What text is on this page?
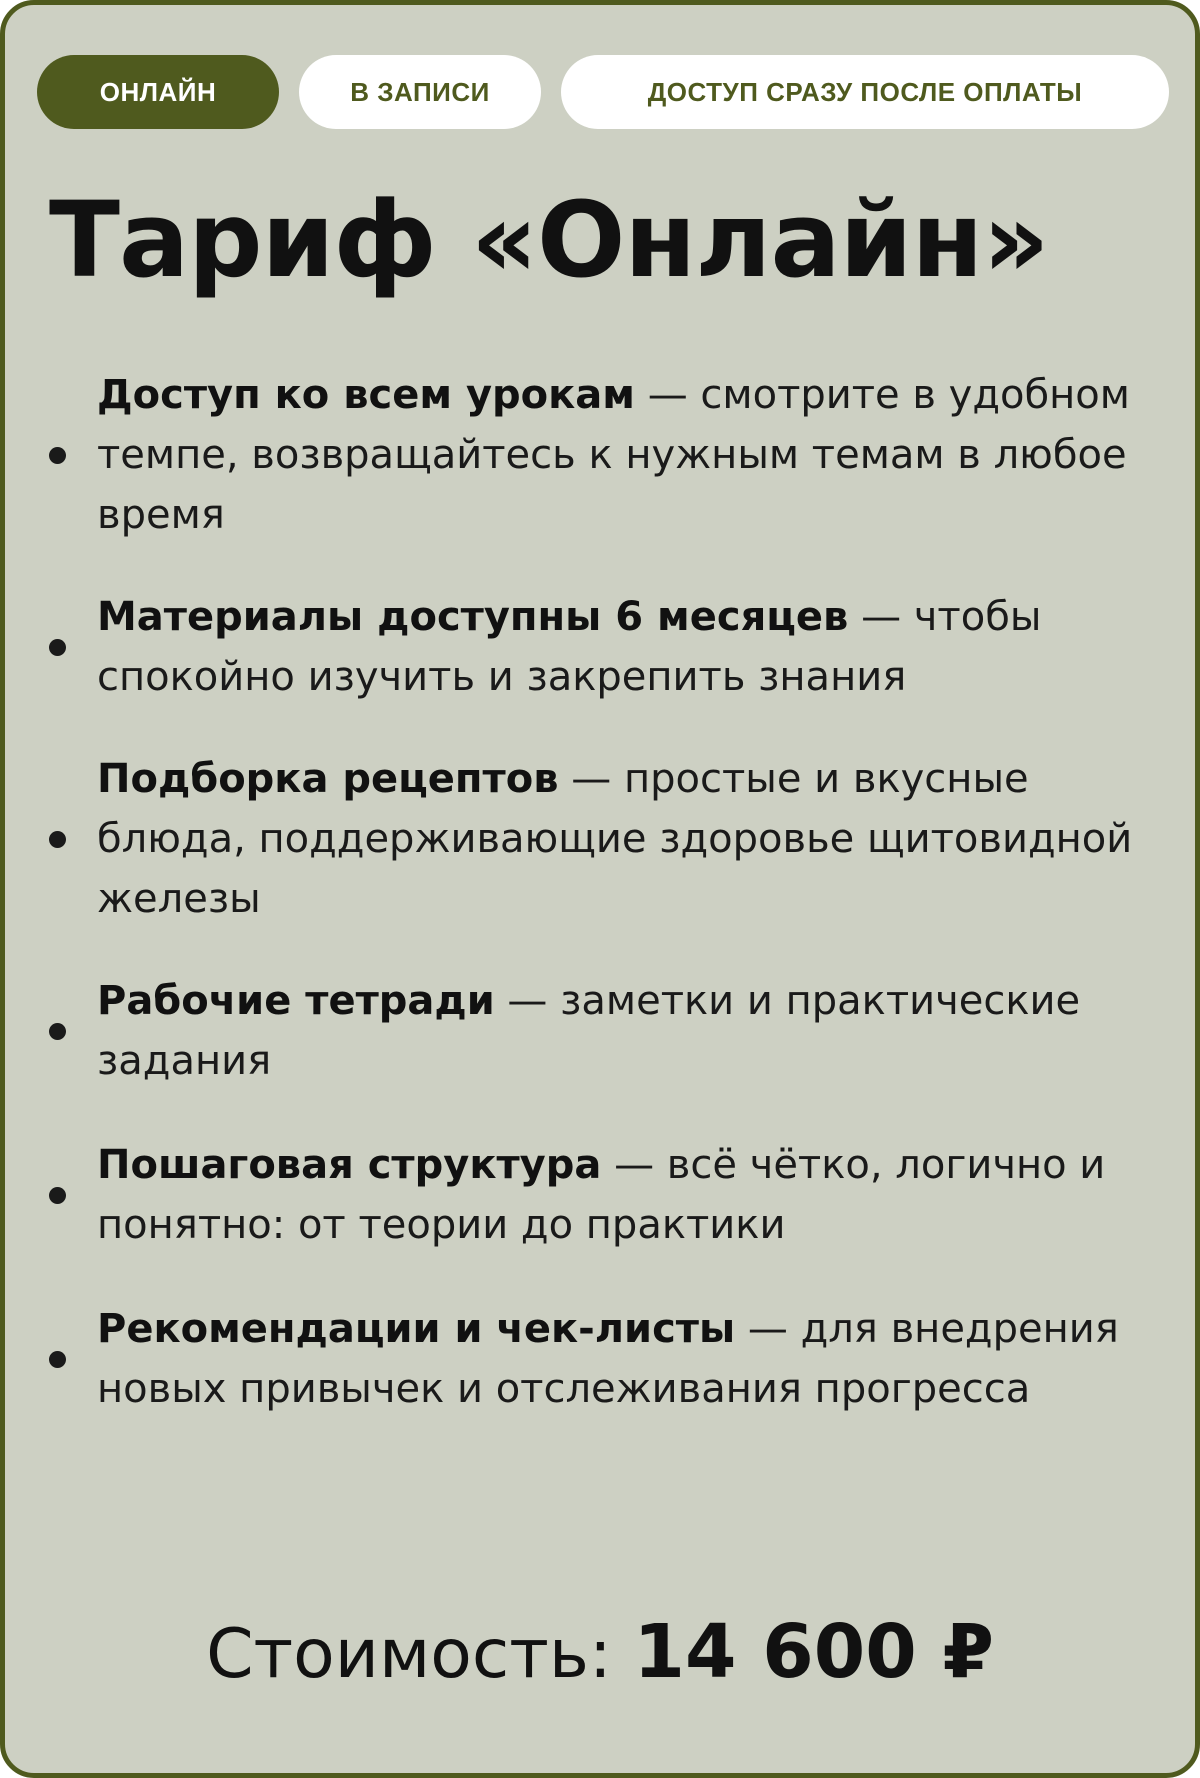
ОНЛАЙН	В ЗАПИСИ	ДОСТУП СРАЗУ ПОСЛЕ ОПЛАТЫ
Тариф «Онлайн»
Доступ ко всем урокам — смотрите в удобном темпе, возвращайтесь к нужным темам в любое время
Материалы доступны 6 месяцев — чтобы спокойно изучить и закрепить знания
Подборка рецептов — простые и вкусные блюда, поддерживающие здоровье щитовидной железы
Рабочие тетради — заметки и практические задания
Пошаговая структура — всё чётко, логично и понятно: от теории до практики
Рекомендации и чек-листы — для внедрения новых привычек и отслеживания прогресса
Стоимость: 14 600 ₽
